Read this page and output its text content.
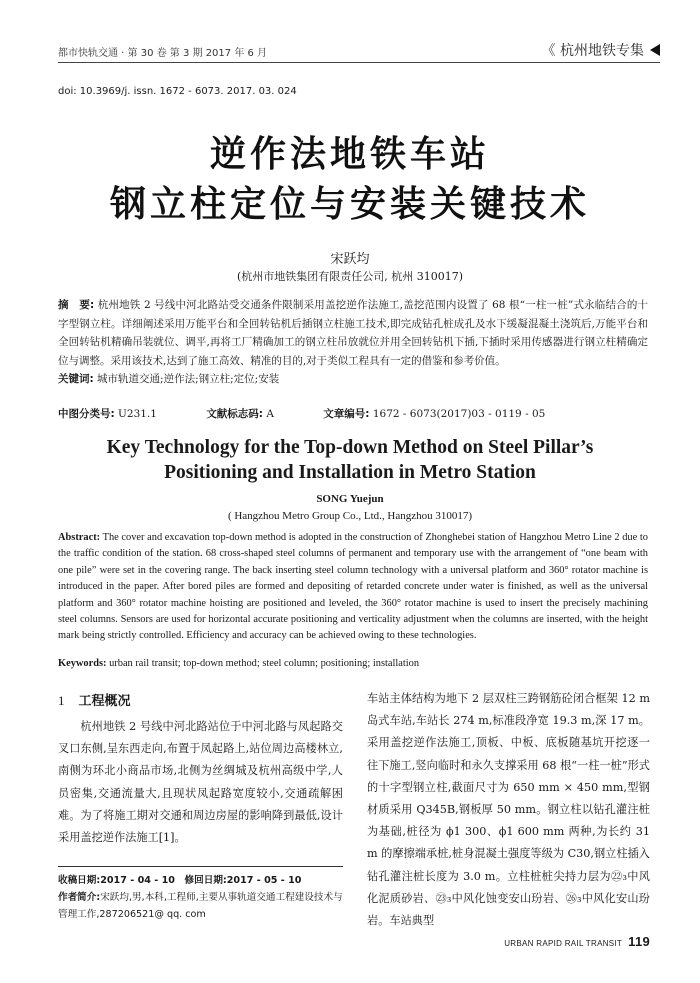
都市快轨交通 · 第 30 卷 第 3 期 2017 年 6 月	《 杭州地铁专集
doi: 10.3969/j. issn. 1672 - 6073. 2017. 03. 024
逆作法地铁车站
钢立柱定位与安装关键技术
宋跃均
(杭州市地铁集团有限责任公司, 杭州 310017)
摘　要: 杭州地铁 2 号线中河北路站受交通条件限制采用盖挖逆作法施工,盖挖范围内设置了 68 根“一柱一桩”式永临结合的十字型钢立柱。详细阐述采用万能平台和全回转钻机后插钢立柱施工技术,即完成钻孔桩成孔及水下缓凝混凝土浇筑后,万能平台和全回转钻机精确吊装就位、调平,再将工厂精确加工的钢立柱吊放就位并用全回转钻机下插,下插时采用传感器进行钢立柱精确定位与调整。采用该技术,达到了施工高效、精准的目的,对于类似工程具有一定的借鉴和参考价值。
关键词: 城市轨道交通;逆作法;钢立柱;定位;安装
中图分类号: U231.1	文献标志码: A	文章编号: 1672 - 6073(2017)03 - 0119 - 05
Key Technology for the Top-down Method on Steel Pillar’s
Positioning and Installation in Metro Station
SONG Yuejun
( Hangzhou Metro Group Co., Ltd., Hangzhou 310017)
Abstract: The cover and excavation top-down method is adopted in the construction of Zhonghebei station of Hangzhou Metro Line 2 due to the traffic condition of the station. 68 cross-shaped steel columns of permanent and temporary use with the arrangement of “one beam with one pile” were set in the covering range. The back inserting steel column technology with a universal platform and 360° rotator machine is introduced in the paper. After bored piles are formed and depositing of retarded concrete under water is finished, as well as the universal platform and 360° rotator machine hoisting are positioned and leveled, the 360° rotator machine is used to insert the precisely machining steel columns. Sensors are used for horizontal accurate positioning and verticality adjustment when the columns are inserted, with the height mark being strictly controlled. Efficiency and accuracy can be achieved owing to these technologies.
Keywords: urban rail transit; top-down method; steel column; positioning; installation
1 工程概况
杭州地铁 2 号线中河北路站位于中河北路与凤起路交叉口东侧,呈东西走向,布置于凤起路上,站位周边高楼林立,南侧为环北小商品市场,北侧为丝绸城及杭州高级中学,人员密集,交通流量大,且现状凤起路宽度较小,交通疏解困难。为了将施工期对交通和周边房屋的影响降到最低,设计采用盖挖逆作法施工[1]。
车站主体结构为地下 2 层双柱三跨钢筋砼闭合框架 12 m岛式车站,车站长 274 m,标准段净宽 19.3 m,深 17 m。采用盖挖逆作法施工,顶板、中板、底板随基坑开挖逐一往下施工,竖向临时和永久支撑采用 68 根“一柱一桩”形式的十字型钢立柱,截面尺寸为 650 mm × 450 mm,型钢材质采用 Q345B,钢板厚 50 mm。钢立柱以钻孔灌注桩为基础,桩径为 ϕ1 300、ϕ1 600 mm 两种,为长约 31 m 的摩擦端承桩,桩身混凝土强度等级为 C30,钢立柱插入钻孔灌注桩长度为 3.0 m。立柱桩桩尖持力层为㉒₃中风化泥质砂岩、㉓₃中风化蚀变安山玢岩、㉖₃中风化安山玢岩。车站典型
收稿日期:2017 - 04 - 10　修回日期:2017 - 05 - 10
作者简介:宋跃均,男,本科,工程师,主要从事轨道交通工程建设技术与管理工作,287206521@ qq. com
URBAN RAPID RAIL TRANSIT 119
